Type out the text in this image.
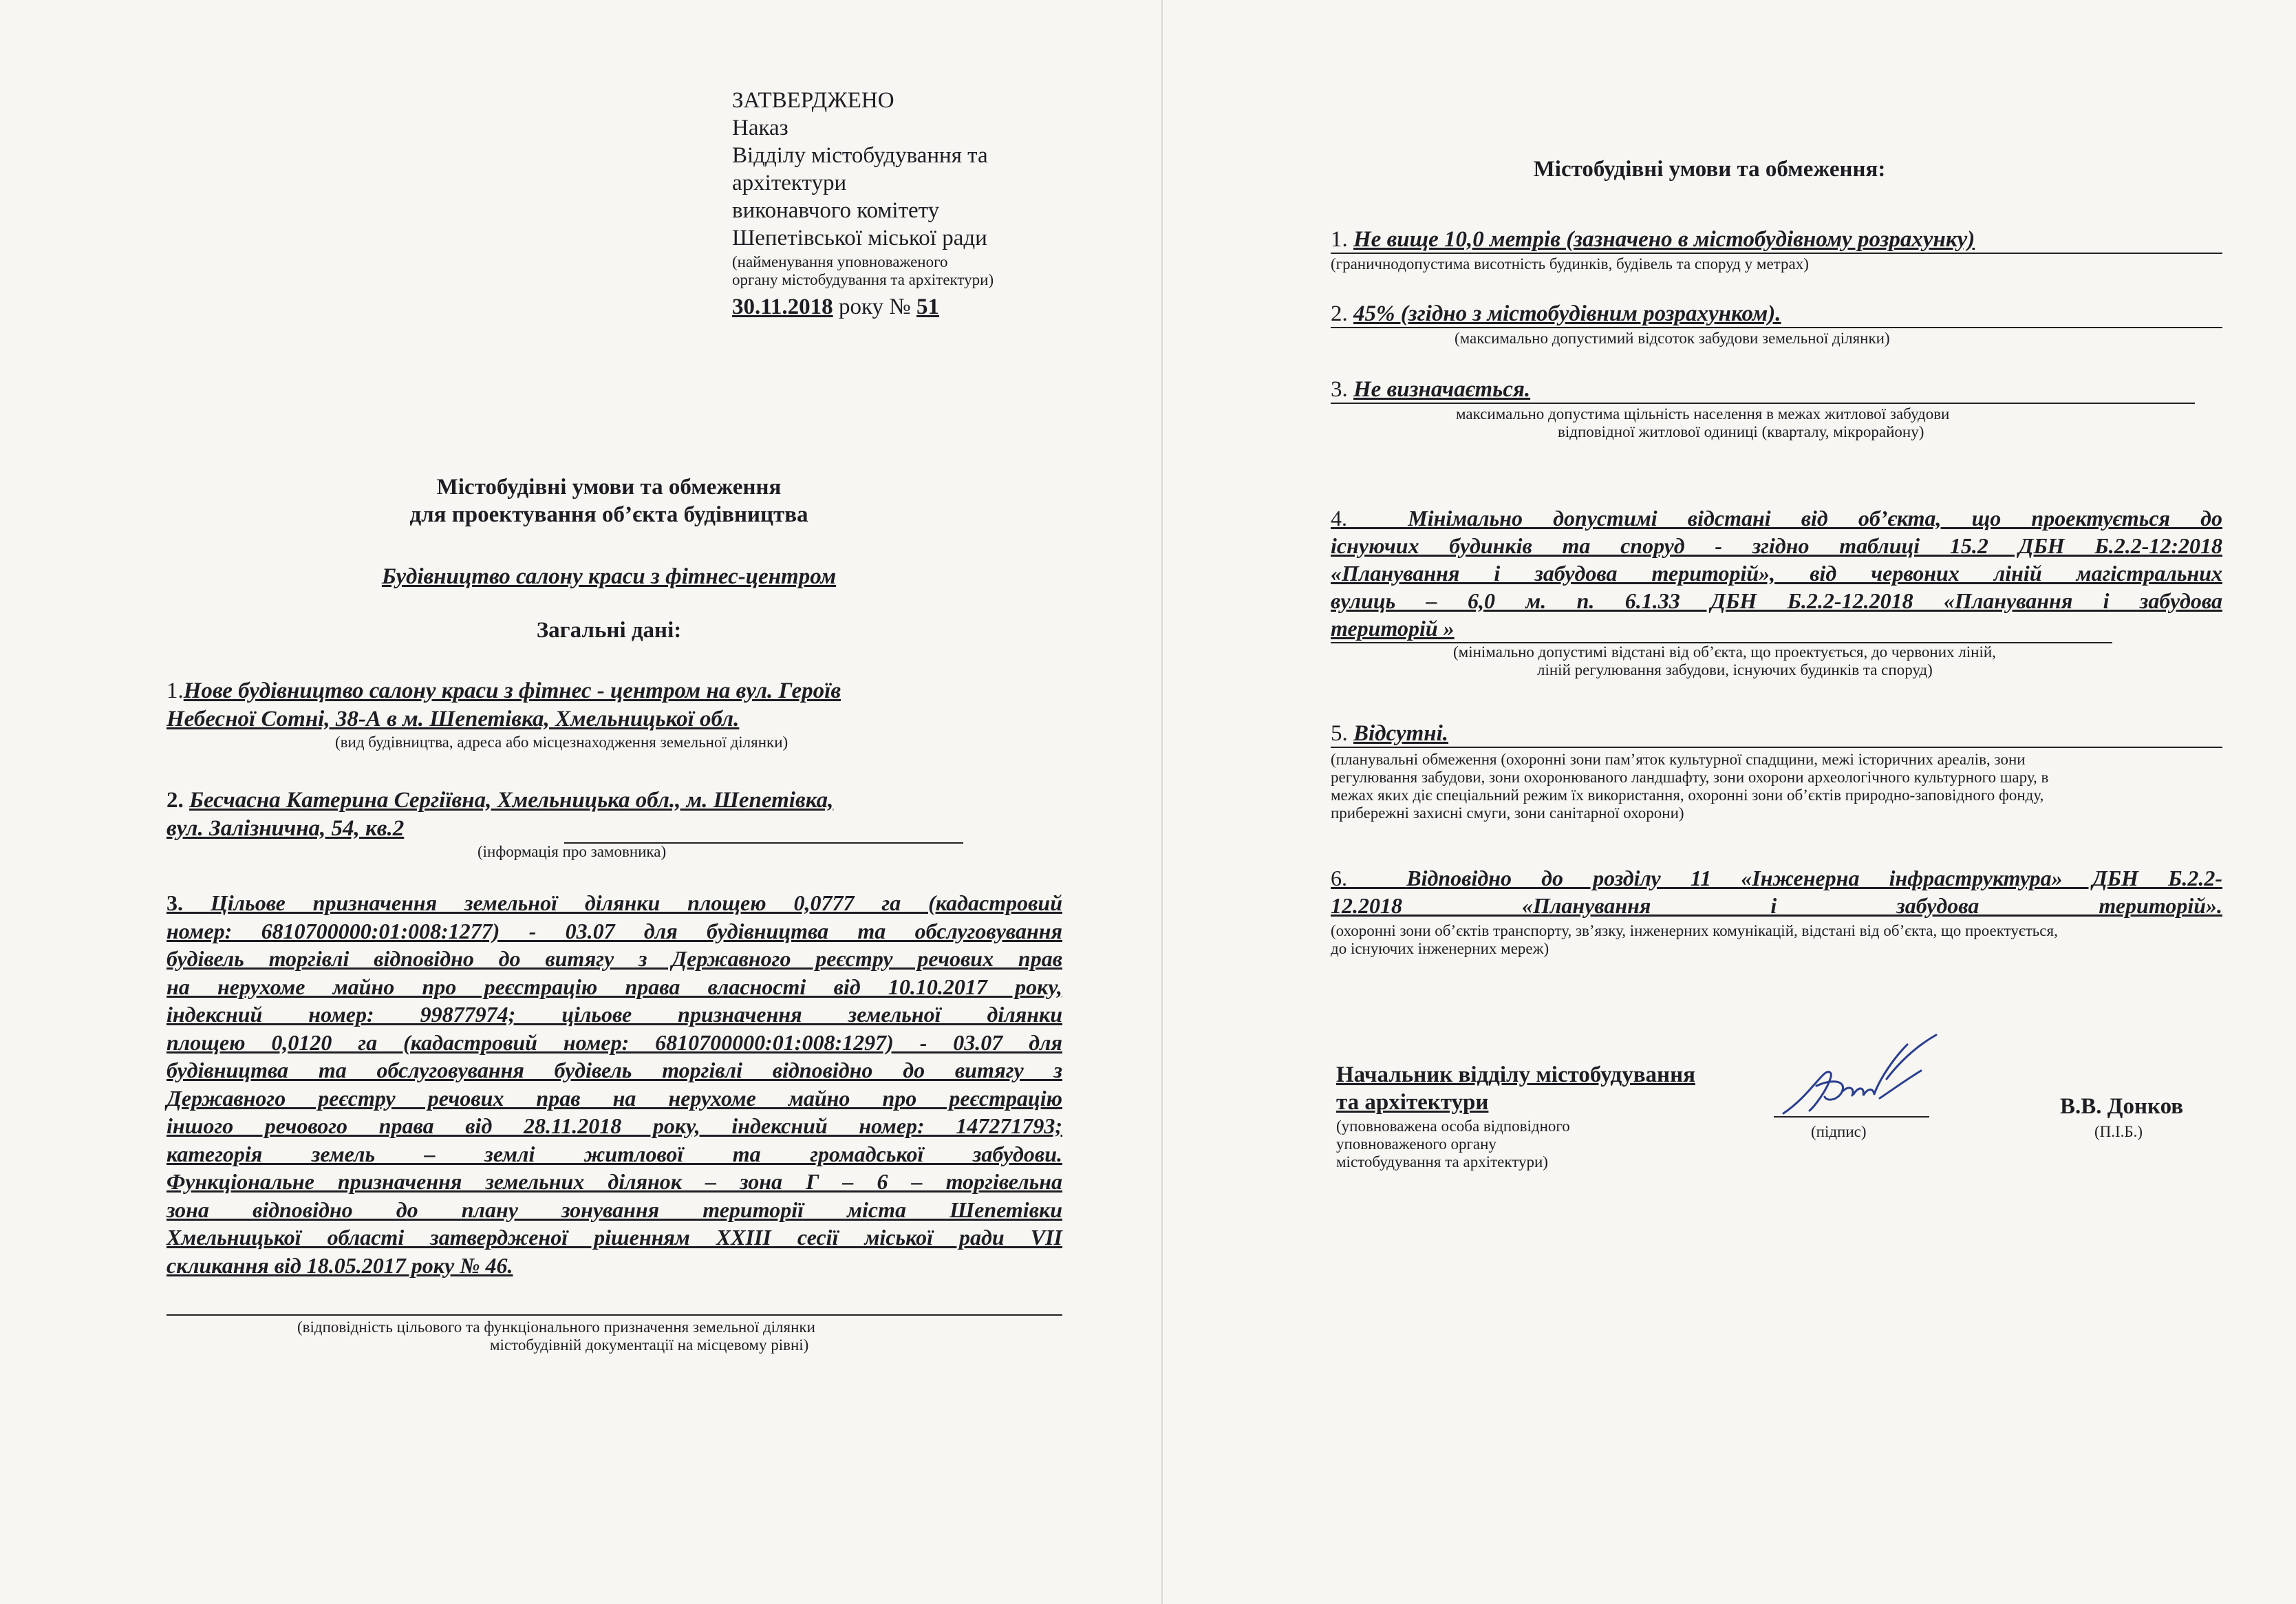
ЗАТВЕРДЖЕНО

Наказ

Відділу містобудування та

архітектури

виконавчого комітету

Шепетівської міської ради

(найменування уповноваженого

органу містобудування та архітектури)

30.11.2018 року № 51

Містобудівні умови та обмеження

для проектування об’єкта будівництва

Будівництво салону краси з фітнес-центром

Загальні дані:

1.Нове будівництво салону краси з фітнес - центром на вул. Героїв

Небесної Сотні, 38-А в м. Шепетівка, Хмельницької обл.

(вид будівництва, адреса або місцезнаходження земельної ділянки)

2. Бесчасна Катерина Сергіївна, Хмельницька обл., м. Шепетівка,

вул. Залізнична, 54, кв.2

(інформація про замовника)

3. Цільове призначення земельної ділянки площею 0,0777 га (кадастровий

номер: 6810700000:01:008:1277) - 03.07 для будівництва та обслуговування

будівель торгівлі відповідно до витягу з Державного реєстру речових прав

на нерухоме майно про реєстрацію права власності від 10.10.2017 року,

індексний номер: 99877974; цільове призначення земельної ділянки

площею 0,0120 га (кадастровий номер: 6810700000:01:008:1297) - 03.07 для

будівництва та обслуговування будівель торгівлі відповідно до витягу з

Державного реєстру речових прав на нерухоме майно про реєстрацію

іншого речового права від 28.11.2018 року, індексний номер: 147271793;

категорія земель – землі житлової та громадської забудови.

Функціональне призначення земельних ділянок – зона Г – 6 – торгівельна

зона відповідно до плану зонування території міста Шепетівки

Хмельницької області затвердженої рішенням XXIII сесії міської ради VII

скликання від 18.05.2017 року № 46.

(відповідність цільового та функціонального призначення земельної ділянки

містобудівній документації на місцевому рівні)

Містобудівні умови та обмеження:

1. Не вище 10,0 метрів (зазначено в містобудівному розрахунку)

(граничнодопустима висотність будинків, будівель та споруд у метрах)

2. 45% (згідно з містобудівним розрахунком).

(максимально допустимий відсоток забудови земельної ділянки)

3. Не визначається.

максимально допустима щільність населення в межах житлової забудови

відповідної житлової одиниці (кварталу, мікрорайону)

4.	Мінімально допустимі відстані від об’єкта, що проектується до

існуючих будинків та споруд - згідно таблиці 15.2 ДБН Б.2.2-12:2018

«Планування і забудова територій», від червоних ліній магістральних

вулиць – 6,0 м. п. 6.1.33 ДБН Б.2.2-12.2018 «Планування і забудова

територій »

(мінімально допустимі відстані від об’єкта, що проектується, до червоних ліній,

ліній регулювання забудови, існуючих будинків та споруд)

5. Відсутні.

(планувальні обмеження (охоронні зони пам’яток культурної спадщини, межі історичних ареалів, зони

регулювання забудови, зони охоронюваного ландшафту, зони охорони археологічного культурного шару, в

межах яких діє спеціальний режим їх використання, охоронні зони об’єктів природно-заповідного фонду,

прибережні захисні смуги, зони санітарної охорони)

6.	Відповідно до розділу 11 «Інженерна інфраструктура» ДБН Б.2.2-

12.2018 «Планування і забудова територій».

(охоронні зони об’єктів транспорту, зв’язку, інженерних комунікацій, відстані від об’єкта, що проектується,

до існуючих інженерних мереж)

Начальник відділу містобудування

та архітектури

(уповноважена особа відповідного

уповноваженого органу

містобудування та архітектури)

(підпис)

В.В. Донков

(П.І.Б.)
